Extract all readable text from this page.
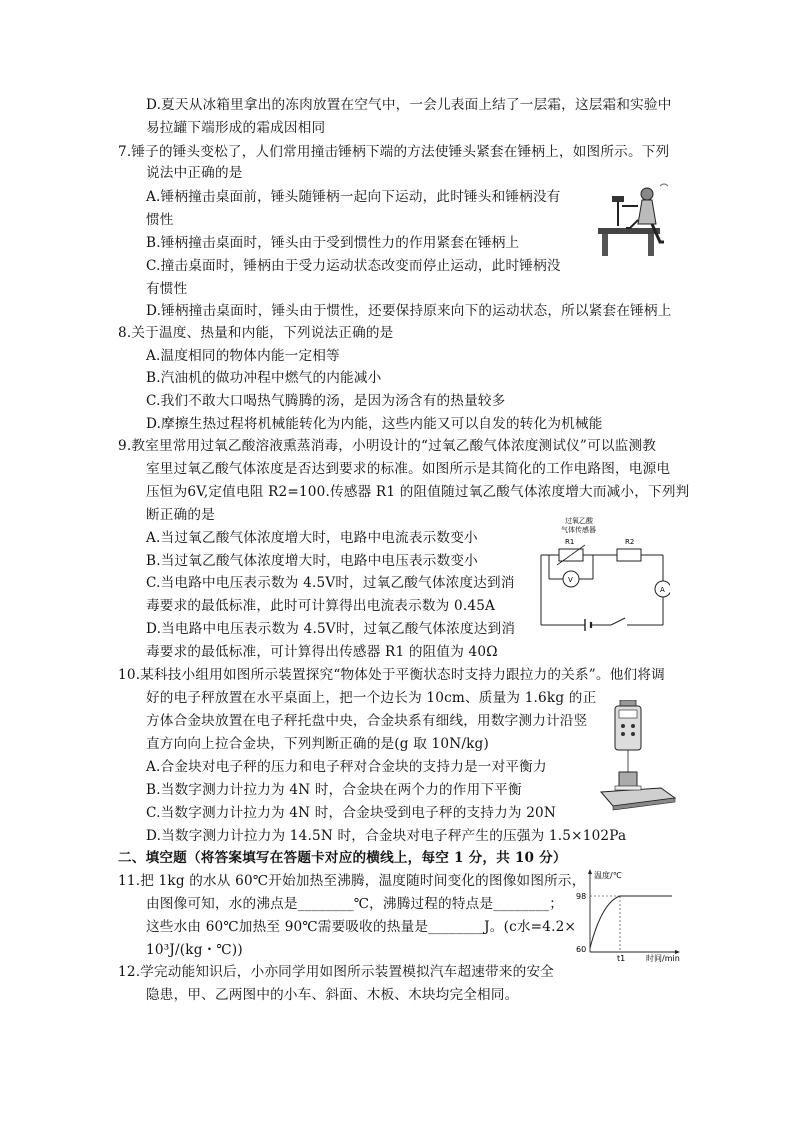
D.夏天从冰箱里拿出的冻肉放置在空气中，一会儿表面上结了一层霜，这层霜和实验中
易拉罐下端形成的霜成因相同
7.锤子的锤头变松了，人们常用撞击锤柄下端的方法使锤头紧套在锤柄上，如图所示。下列
说法中正确的是
A.锤柄撞击桌面前，锤头随锤柄一起向下运动，此时锤头和锤柄没有
惯性
B.锤柄撞击桌面时，锤头由于受到惯性力的作用紧套在锤柄上
C.撞击桌面时，锤柄由于受力运动状态改变而停止运动，此时锤柄没
有惯性
D.锤柄撞击桌面时，锤头由于惯性，还要保持原来向下的运动状态，所以紧套在锤柄上
8.关于温度、热量和内能，下列说法正确的是
A.温度相同的物体内能一定相等
B.汽油机的做功冲程中燃气的内能减小
C.我们不敢大口喝热气腾腾的汤，是因为汤含有的热量较多
D.摩擦生热过程将机械能转化为内能，这些内能又可以自发的转化为机械能
9.教室里常用过氧乙酸溶液熏蒸消毒，小明设计的“过氧乙酸气体浓度测试仪”可以监测教
室里过氧乙酸气体浓度是否达到要求的标准。如图所示是其简化的工作电路图，电源电
压恒为6V,定值电阻 R2=100.传感器 R1 的阻值随过氧乙酸气体浓度增大而减小，下列判
断正确的是
A.当过氧乙酸气体浓度增大时，电路中电流表示数变小
B.当过氧乙酸气体浓度增大时，电路中电压表示数变小
C.当电路中电压表示数为 4.5V时，过氧乙酸气体浓度达到消
毒要求的最低标准，此时可计算得出电流表示数为 0.45A
D.当电路中电压表示数为 4.5V时，过氧乙酸气体浓度达到消
毒要求的最低标准，可计算得出传感器 R1 的阻值为 40Ω
10.某科技小组用如图所示装置探究“物体处于平衡状态时支持力跟拉力的关系”。他们将调
好的电子秤放置在水平桌面上，把一个边长为 10cm、质量为 1.6kg 的正
方体合金块放置在电子秤托盘中央，合金块系有细线，用数字测力计沿竖
直方向向上拉合金块，下列判断正确的是(g 取 10N/kg)
A.合金块对电子秤的压力和电子秤对合金块的支持力是一对平衡力
B.当数字测力计拉力为 4N 时，合金块在两个力的作用下平衡
C.当数字测力计拉力为 4N 时，合金块受到电子秤的支持力为 20N
D.当数字测力计拉力为 14.5N 时，合金块对电子秤产生的压强为 1.5×102Pa
二、填空题（将答案填写在答题卡对应的横线上，每空 1 分，共 10 分）
11.把 1kg 的水从 60℃开始加热至沸腾，温度随时间变化的图像如图所示，
由图像可知，水的沸点是________℃，沸腾过程的特点是________；
这些水由 60℃加热至 90℃需要吸收的热量是________J。(c水=4.2×
10³J/(kg・℃))
12.学完动能知识后，小亦同学用如图所示装置模拟汽车超速带来的安全
隐患，甲、乙两图中的小车、斜面、木板、木块均完全相同。
过氧乙酸
气体传感器
R1	R2
V
A
温度/℃
98
60
t1	时间/min
